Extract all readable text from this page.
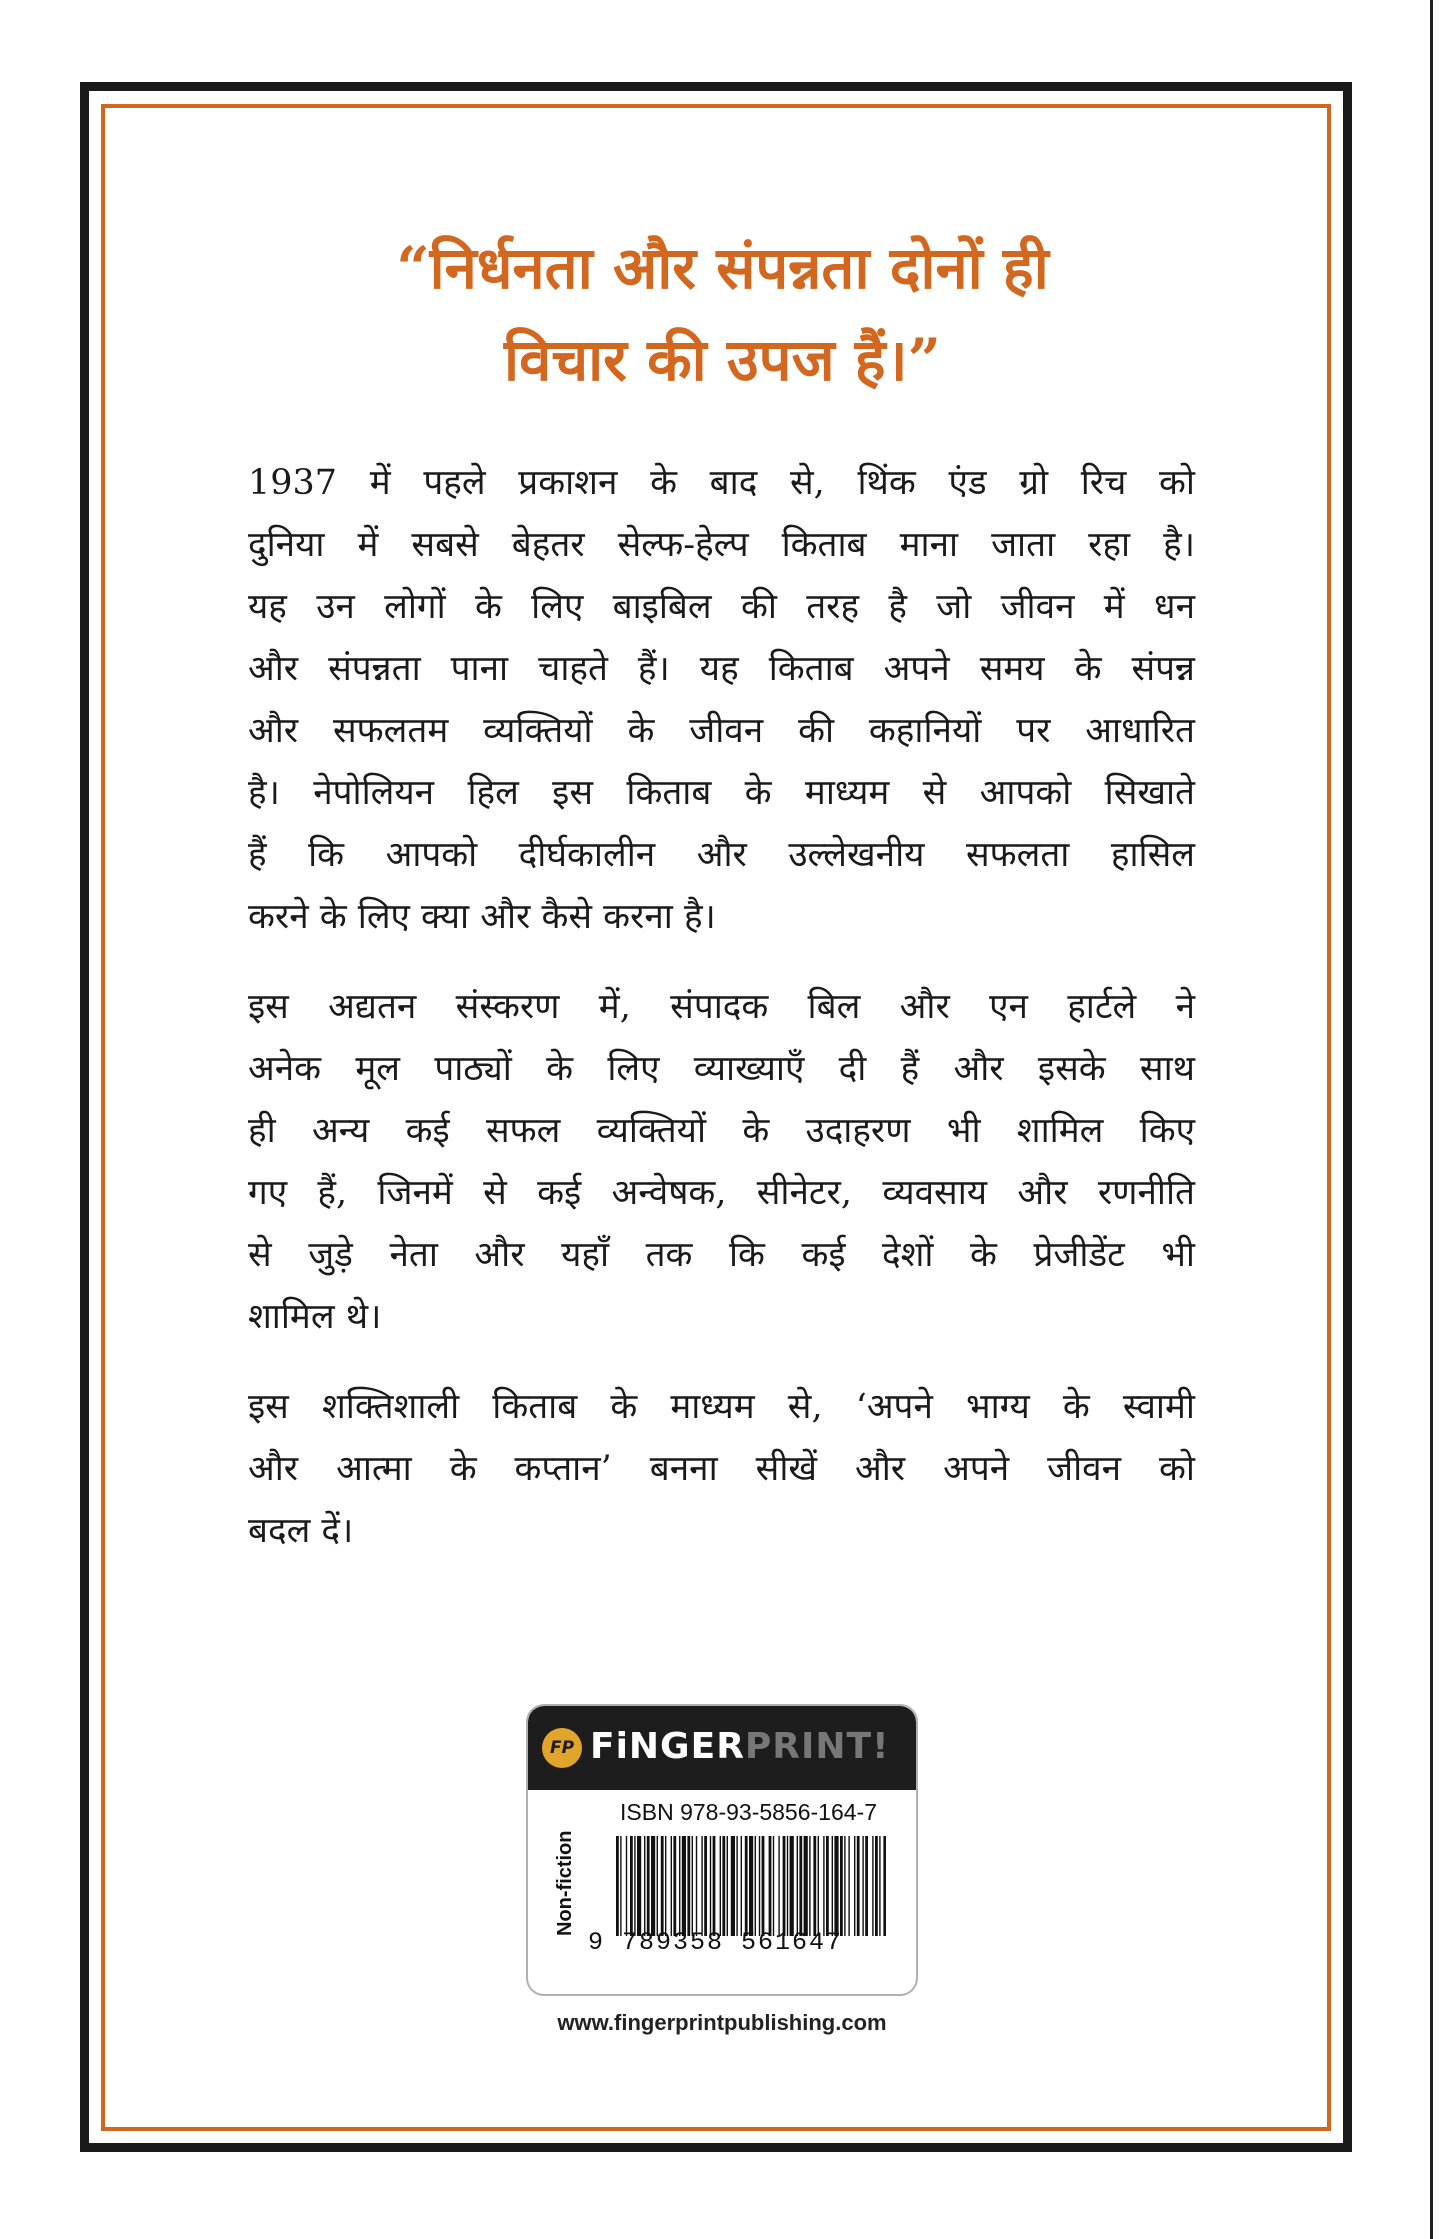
“निर्धनता और संपन्नता दोनों ही
विचार की उपज हैं।”

1937 में पहले प्रकाशन के बाद से, थिंक एंड ग्रो रिच को
दुनिया में सबसे बेहतर सेल्फ-हेल्प किताब माना जाता रहा है।
यह उन लोगों के लिए बाइबिल की तरह है जो जीवन में धन
और संपन्नता पाना चाहते हैं। यह किताब अपने समय के संपन्न
और सफलतम व्यक्तियों के जीवन की कहानियों पर आधारित
है। नेपोलियन हिल इस किताब के माध्यम से आपको सिखाते
हैं कि आपको दीर्घकालीन और उल्लेखनीय सफलता हासिल
करने के लिए क्या और कैसे करना है।

इस अद्यतन संस्करण में, संपादक बिल और एन हार्टले ने
अनेक मूल पाठ्यों के लिए व्याख्याएँ दी हैं और इसके साथ
ही अन्य कई सफल व्यक्तियों के उदाहरण भी शामिल किए
गए हैं, जिनमें से कई अन्वेषक, सीनेटर, व्यवसाय और रणनीति
से जुड़े नेता और यहाँ तक कि कई देशों के प्रेजीडेंट भी
शामिल थे।

इस शक्तिशाली किताब के माध्यम से, ‘अपने भाग्य के स्वामी
और आत्मा के कप्तान’ बनना सीखें और अपने जीवन को
बदल दें।

FP FiNGERPRINT!
ISBN 978-93-5856-164-7
Non-fiction
9 789358 561647
www.fingerprintpublishing.com
